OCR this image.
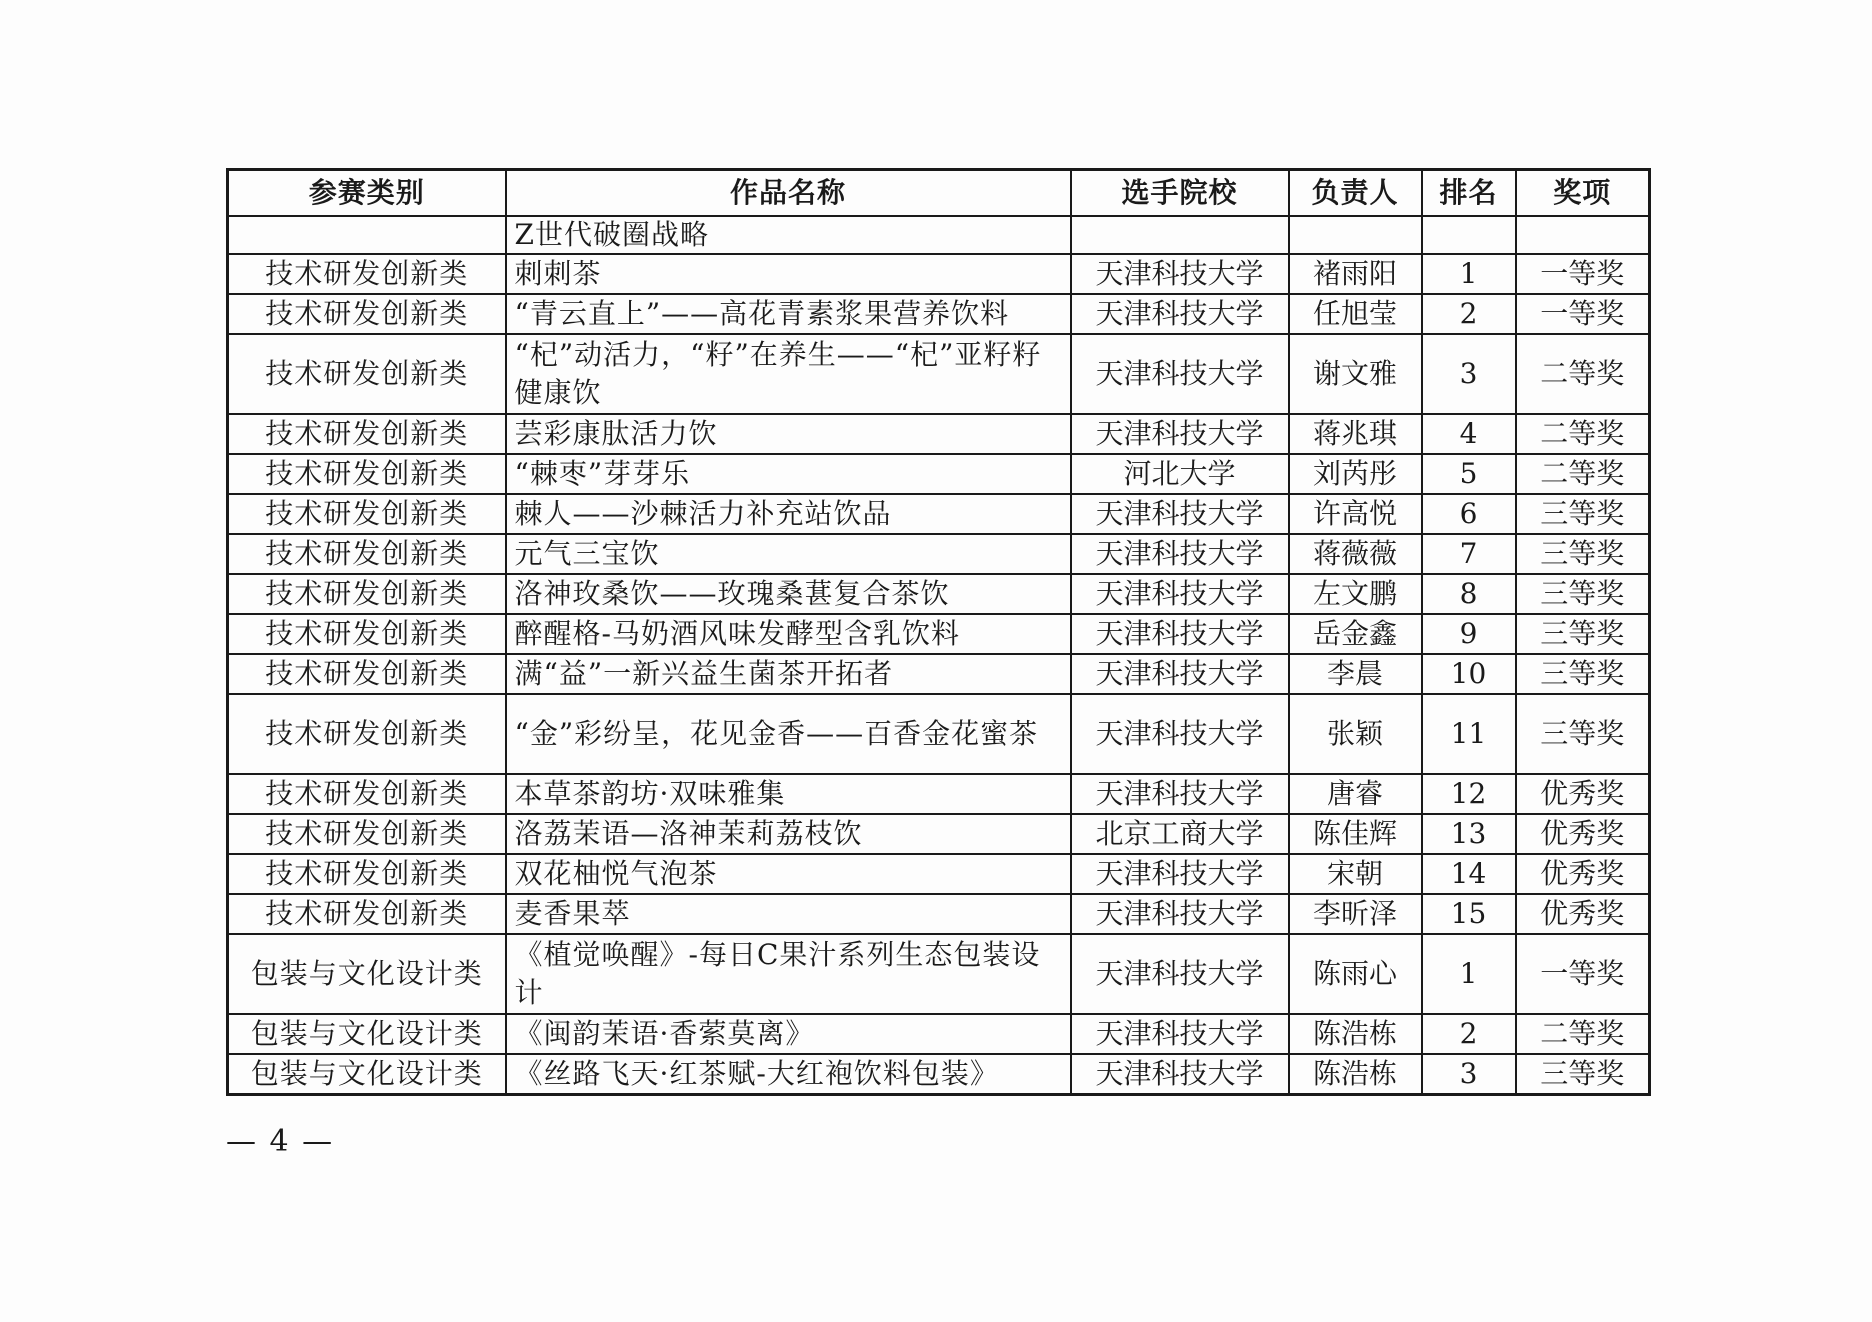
参赛类别	作品名称	选手院校	负责人	排名	奖项
	Z世代破圈战略				
技术研发创新类	刺刺茶	天津科技大学	褚雨阳	1	一等奖
技术研发创新类	“青云直上”——高花青素浆果营养饮料	天津科技大学	任旭莹	2	一等奖
技术研发创新类	“杞”动活力，“籽”在养生——“杞”亚籽籽健康饮	天津科技大学	谢文雅	3	二等奖
技术研发创新类	芸彩康肽活力饮	天津科技大学	蒋兆琪	4	二等奖
技术研发创新类	“棘枣”芽芽乐	河北大学	刘芮彤	5	二等奖
技术研发创新类	棘人——沙棘活力补充站饮品	天津科技大学	许高悦	6	三等奖
技术研发创新类	元气三宝饮	天津科技大学	蒋薇薇	7	三等奖
技术研发创新类	洛神玫桑饮——玫瑰桑葚复合茶饮	天津科技大学	左文鹏	8	三等奖
技术研发创新类	醉醒格-马奶酒风味发酵型含乳饮料	天津科技大学	岳金鑫	9	三等奖
技术研发创新类	满“益”一新兴益生菌茶开拓者	天津科技大学	李晨	10	三等奖
技术研发创新类	“金”彩纷呈，花见金香——百香金花蜜茶	天津科技大学	张颖	11	三等奖
技术研发创新类	本草茶韵坊·双味雅集	天津科技大学	唐睿	12	优秀奖
技术研发创新类	洛荔茉语—洛神茉莉荔枝饮	北京工商大学	陈佳辉	13	优秀奖
技术研发创新类	双花柚悦气泡茶	天津科技大学	宋朝	14	优秀奖
技术研发创新类	麦香果萃	天津科技大学	李昕泽	15	优秀奖
包装与文化设计类	《植觉唤醒》-每日C果汁系列生态包装设计	天津科技大学	陈雨心	1	一等奖
包装与文化设计类	《闽韵茉语·香萦莫离》	天津科技大学	陈浩栋	2	二等奖
包装与文化设计类	《丝路飞天·红茶赋-大红袍饮料包装》	天津科技大学	陈浩栋	3	三等奖
— 4 —
